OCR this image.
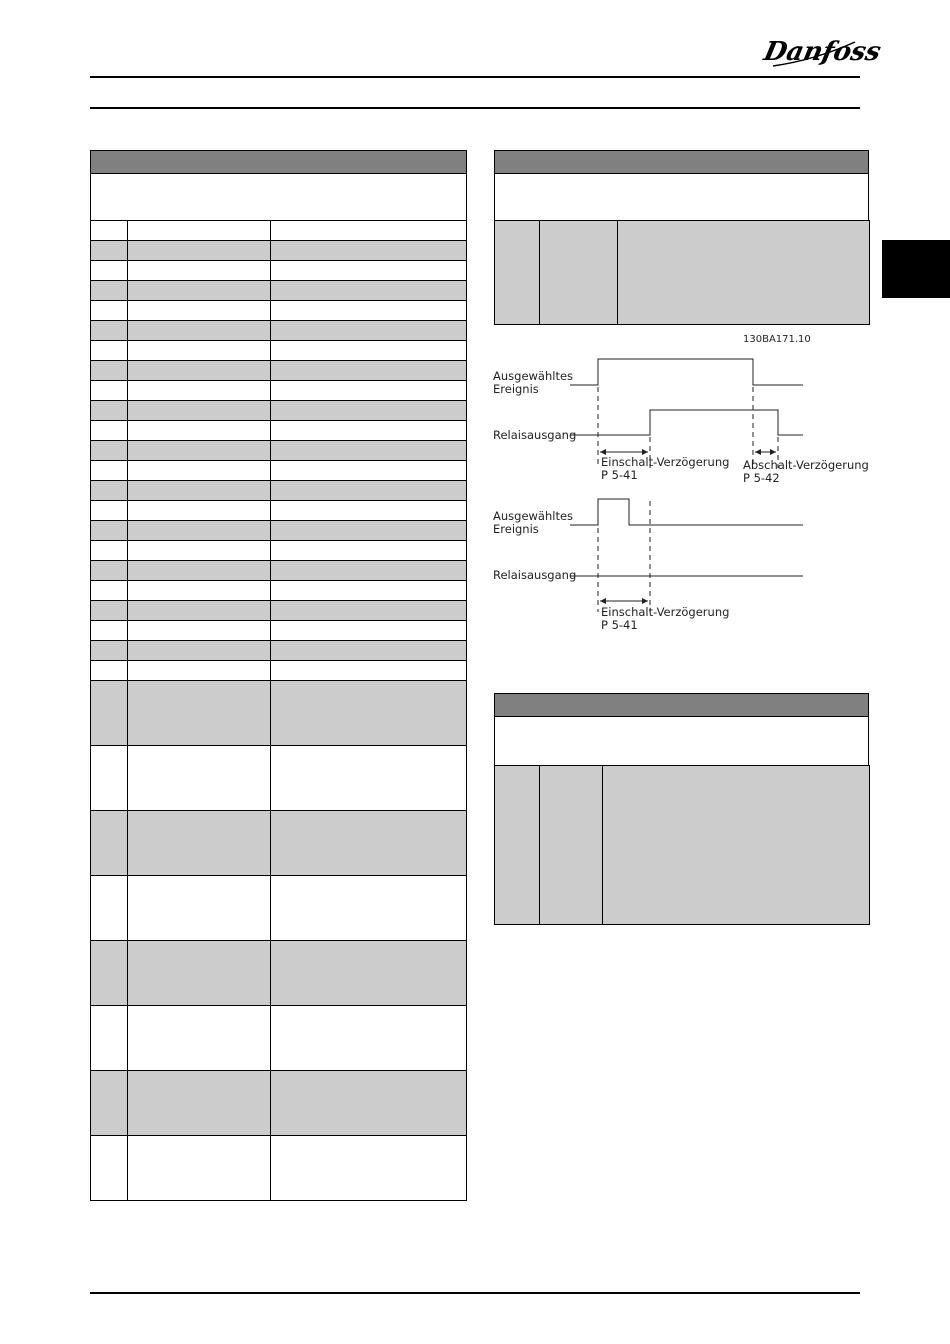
Danfoss

130BA171.10
Ausgewähltes
Ereignis
Relaisausgang
Einschalt-Verzögerung
P 5-41
Abschalt-Verzögerung
P 5-42
Ausgewähltes
Ereignis
Relaisausgang
Einschalt-Verzögerung
P 5-41
